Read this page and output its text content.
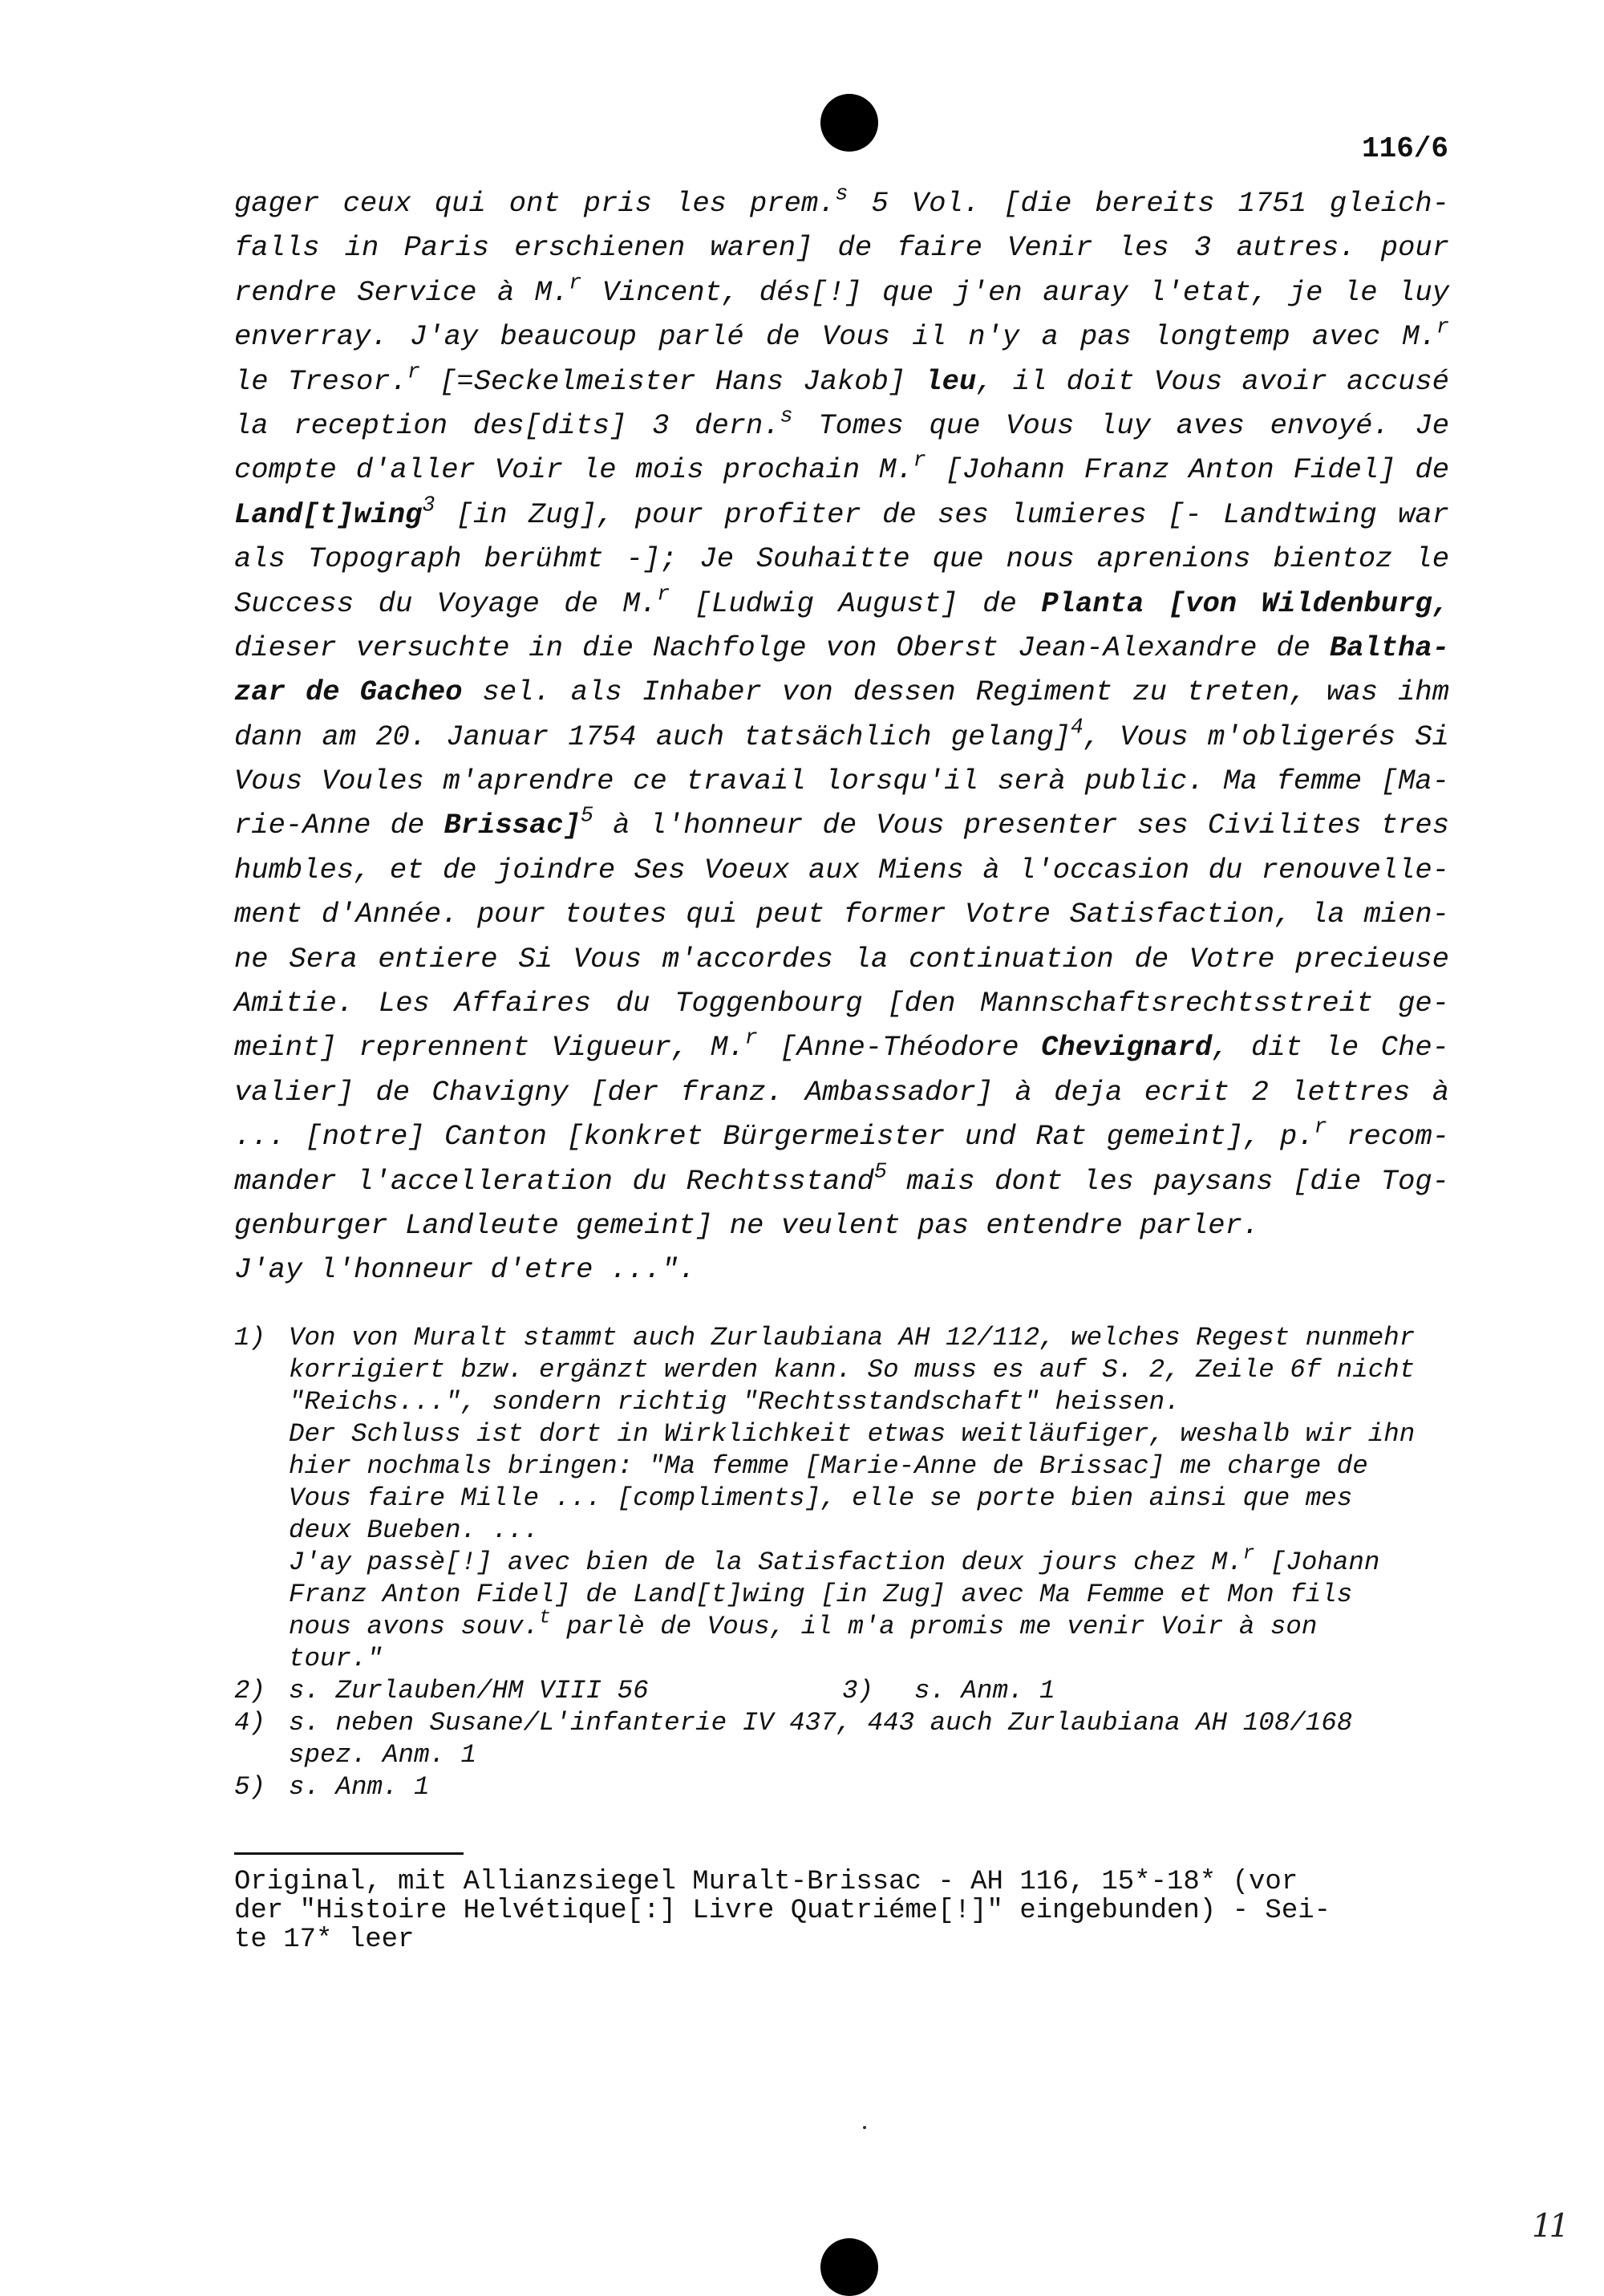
116/6
gager ceux qui ont pris les prem.$^s$ 5 Vol. [die bereits 1751 gleich-
falls in Paris erschienen waren] de faire Venir les 3 autres. pour
rendre Service à M.$^r$ Vincent, dés[!] que j'en auray l'etat, je le luy
enverray. J'ay beaucoup parlé de Vous il n'y a pas longtemp avec M.$^r$
le Tresor.$^r$ [=Seckelmeister Hans Jakob] leu, il doit Vous avoir accusé
la reception des[dits] 3 dern.$^s$ Tomes que Vous luy aves envoyé. Je
compte d'aller Voir le mois prochain M.$^r$ [Johann Franz Anton Fidel] de
Land[t]wing$^3$ [in Zug], pour profiter de ses lumieres [- Landtwing war
als Topograph berühmt -]; Je Souhaitte que nous aprenions bientoz le
Success du Voyage de M.$^r$ [Ludwig August] de Planta [von Wildenburg,
dieser versuchte in die Nachfolge von Oberst Jean-Alexandre de Baltha-
zar de Gacheo sel. als Inhaber von dessen Regiment zu treten, was ihm
dann am 20. Januar 1754 auch tatsächlich gelang]$^4$, Vous m'obligerés Si
Vous Voules m'aprendre ce travail lorsqu'il serà public. Ma femme [Ma-
rie-Anne de Brissac]$^5$ à l'honneur de Vous presenter ses Civilites tres
humbles, et de joindre Ses Voeux aux Miens à l'occasion du renouvelle-
ment d'Année. pour toutes qui peut former Votre Satisfaction, la mien-
ne Sera entiere Si Vous m'accordes la continuation de Votre precieuse
Amitie. Les Affaires du Toggenbourg [den Mannschaftsrechtsstreit ge-
meint] reprennent Vigueur, M.$^r$ [Anne-Théodore Chevignard, dit le Che-
valier] de Chavigny [der franz. Ambassador] à deja ecrit 2 lettres à
... [notre] Canton [konkret Bürgermeister und Rat gemeint], p.$^r$ recom-
mander l'accelleration du Rechtsstand$^5$ mais dont les paysans [die Tog-
genburger Landleute gemeint] ne veulent pas entendre parler.
J'ay l'honneur d'etre ...".
1) Von von Muralt stammt auch Zurlaubiana AH 12/112, welches Regest nunmehr
korrigiert bzw. ergänzt werden kann. So muss es auf S. 2, Zeile 6f nicht
"Reichs...", sondern richtig "Rechtsstandschaft" heissen.
Der Schluss ist dort in Wirklichkeit etwas weitläufiger, weshalb wir ihn
hier nochmals bringen: "Ma femme [Marie-Anne de Brissac] me charge de
Vous faire Mille ... [compliments], elle se porte bien ainsi que mes
deux Bueben. ...
J'ay passè[!] avec bien de la Satisfaction deux jours chez M.$^r$ [Johann
Franz Anton Fidel] de Land[t]wing [in Zug] avec Ma Femme et Mon fils
nous avons souv.$^t$ parlè de Vous, il m'a promis me venir Voir à son
tour."
2) s. Zurlauben/HM VIII 56	3) s. Anm. 1
4) s. neben Susane/L'infanterie IV 437, 443 auch Zurlaubiana AH 108/168
spez. Anm. 1
5) s. Anm. 1
Original, mit Allianzsiegel Muralt-Brissac - AH 116, 15*-18* (vor
der "Histoire Helvétique[:] Livre Quatriéme[!]" eingebunden) - Sei-
te 17* leer
11
